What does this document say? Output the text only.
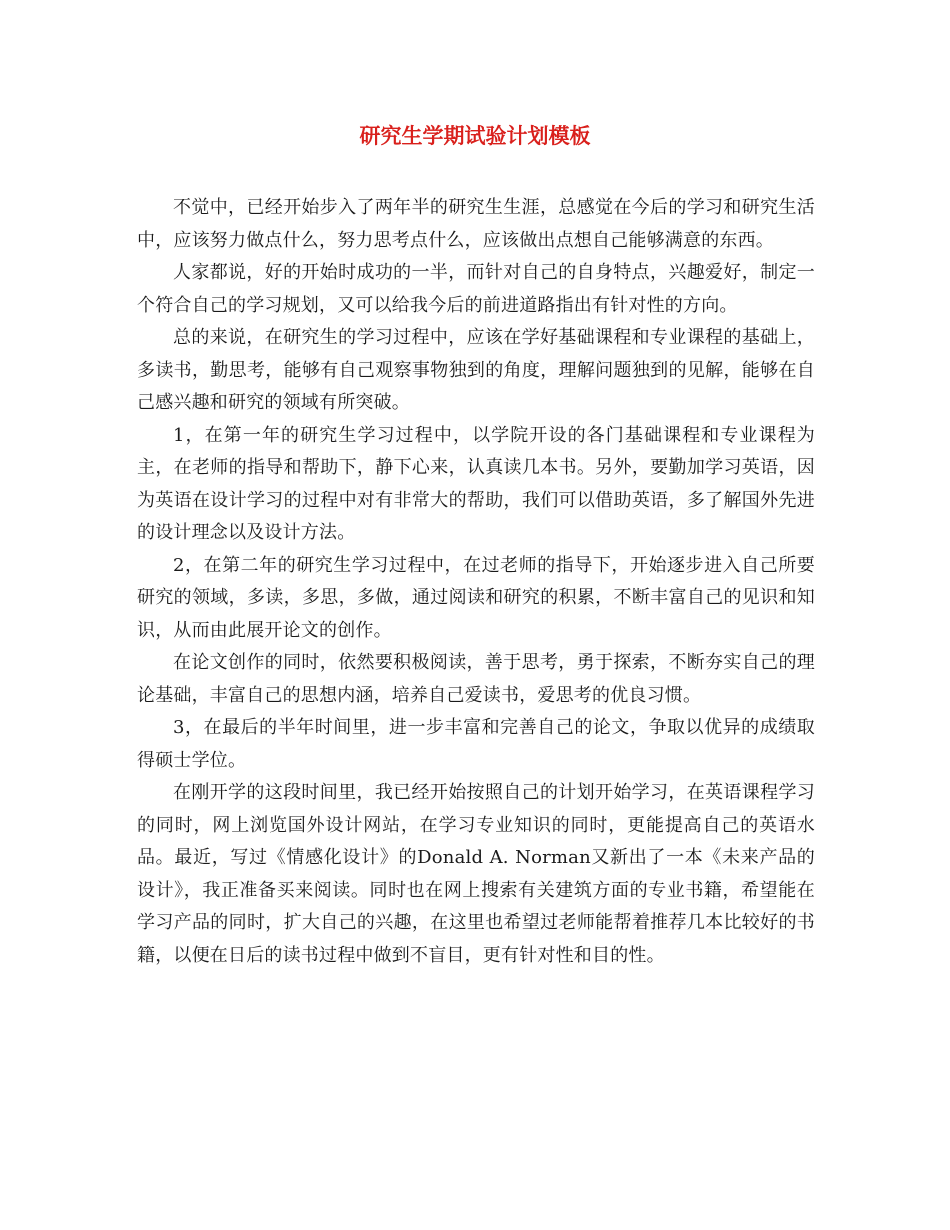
研究生学期试验计划模板

不觉中，已经开始步入了两年半的研究生生涯，总感觉在今后的学习和研究生活中，应该努力做点什么，努力思考点什么，应该做出点想自己能够满意的东西。

人家都说，好的开始时成功的一半，而针对自己的自身特点，兴趣爱好，制定一个符合自己的学习规划，又可以给我今后的前进道路指出有针对性的方向。

总的来说，在研究生的学习过程中，应该在学好基础课程和专业课程的基础上，多读书，勤思考，能够有自己观察事物独到的角度，理解问题独到的见解，能够在自己感兴趣和研究的领域有所突破。

1，在第一年的研究生学习过程中，以学院开设的各门基础课程和专业课程为主，在老师的指导和帮助下，静下心来，认真读几本书。另外，要勤加学习英语，因为英语在设计学习的过程中对有非常大的帮助，我们可以借助英语，多了解国外先进的设计理念以及设计方法。

2，在第二年的研究生学习过程中，在过老师的指导下，开始逐步进入自己所要研究的领域，多读，多思，多做，通过阅读和研究的积累，不断丰富自己的见识和知识，从而由此展开论文的创作。

在论文创作的同时，依然要积极阅读，善于思考，勇于探索，不断夯实自己的理论基础，丰富自己的思想内涵，培养自己爱读书，爱思考的优良习惯。

3，在最后的半年时间里，进一步丰富和完善自己的论文，争取以优异的成绩取得硕士学位。

在刚开学的这段时间里，我已经开始按照自己的计划开始学习，在英语课程学习的同时，网上浏览国外设计网站，在学习专业知识的同时，更能提高自己的英语水品。最近，写过《情感化设计》的Donald A. Norman又新出了一本《未来产品的设计》，我正准备买来阅读。同时也在网上搜索有关建筑方面的专业书籍，希望能在学习产品的同时，扩大自己的兴趣，在这里也希望过老师能帮着推荐几本比较好的书籍，以便在日后的读书过程中做到不盲目，更有针对性和目的性。
